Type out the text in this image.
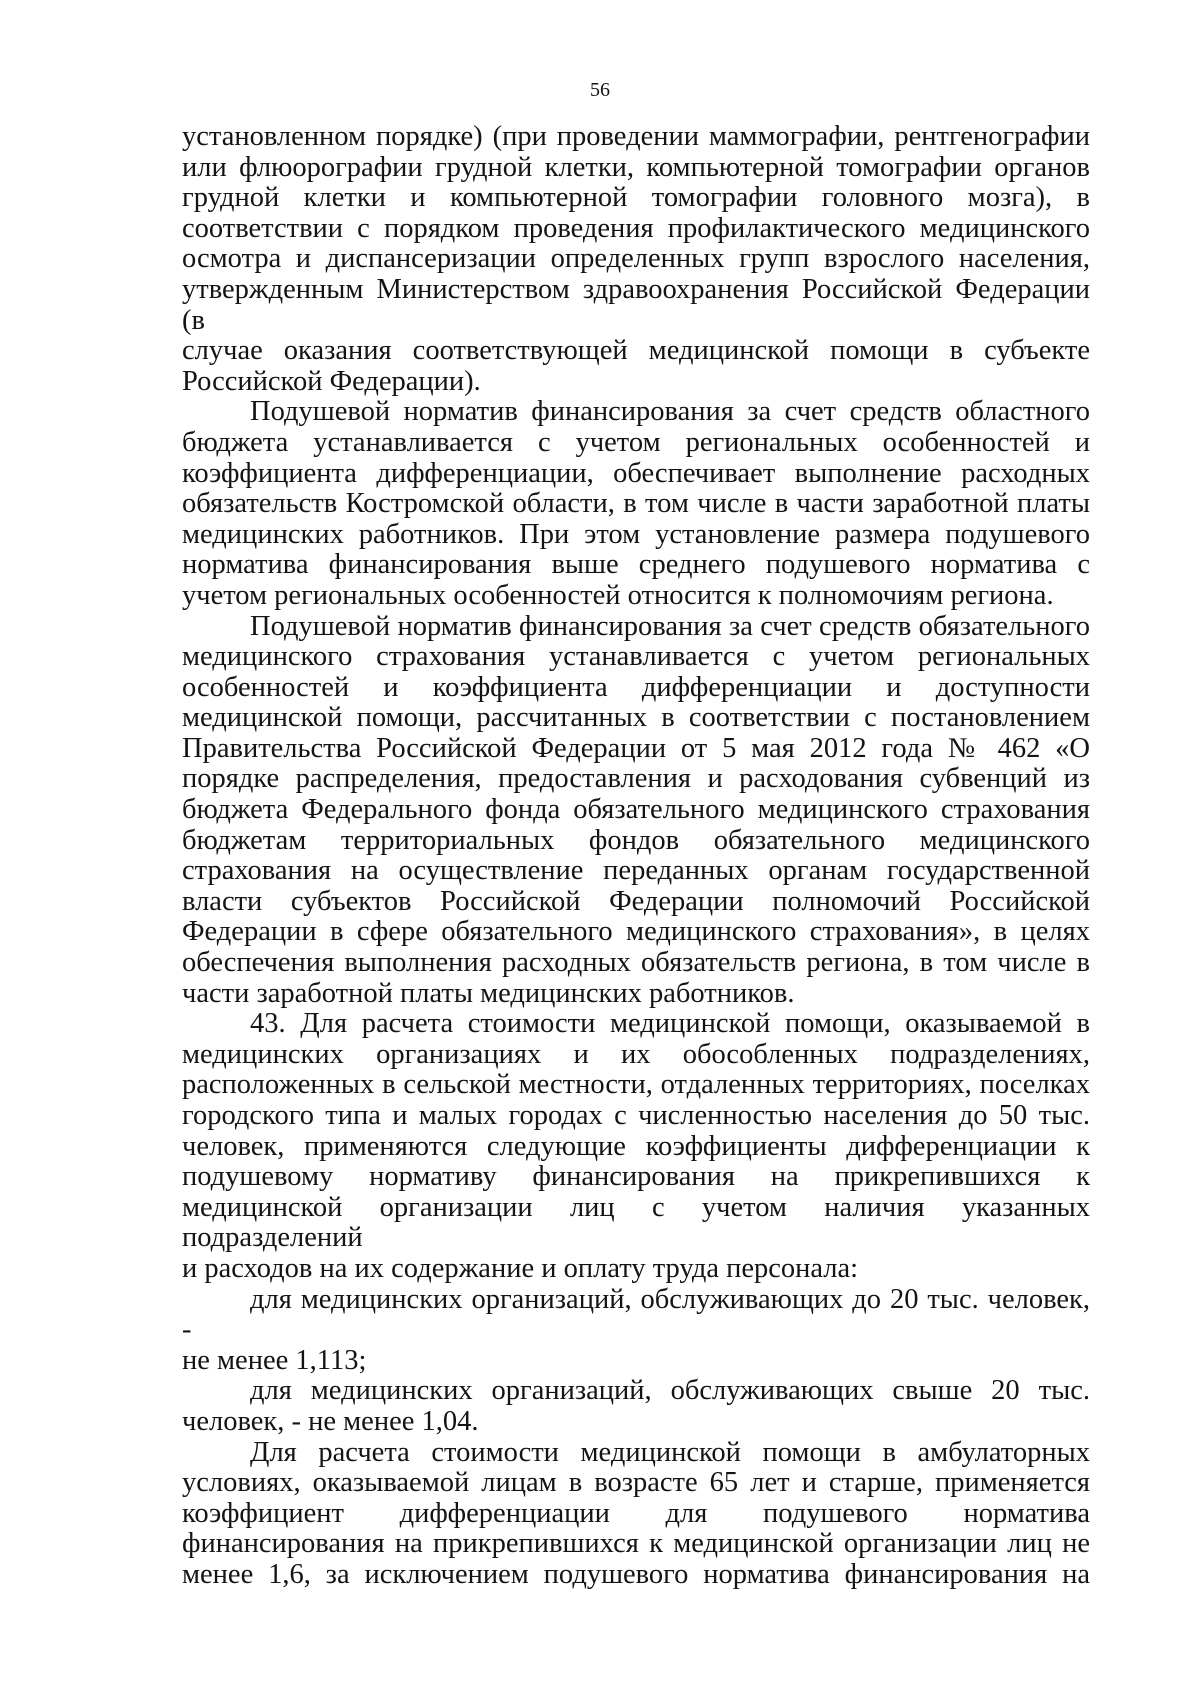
56

установленном порядке) (при проведении маммографии, рентгенографии
или флюорографии грудной клетки, компьютерной томографии органов
грудной клетки и компьютерной томографии головного мозга), в
соответствии с порядком проведения профилактического медицинского
осмотра и диспансеризации определенных групп взрослого населения,
утвержденным Министерством здравоохранения Российской Федерации (в
случае оказания соответствующей медицинской помощи в субъекте
Российской Федерации).

Подушевой норматив финансирования за счет средств областного
бюджета устанавливается с учетом региональных особенностей и
коэффициента дифференциации, обеспечивает выполнение расходных
обязательств Костромской области, в том числе в части заработной платы
медицинских работников. При этом установление размера подушевого
норматива финансирования выше среднего подушевого норматива с
учетом региональных особенностей относится к полномочиям региона.

Подушевой норматив финансирования за счет средств обязательного
медицинского страхования устанавливается с учетом региональных
особенностей и коэффициента дифференциации и доступности
медицинской помощи, рассчитанных в соответствии с постановлением
Правительства Российской Федерации от 5 мая 2012 года № 462 «О
порядке распределения, предоставления и расходования субвенций из
бюджета Федерального фонда обязательного медицинского страхования
бюджетам территориальных фондов обязательного медицинского
страхования на осуществление переданных органам государственной
власти субъектов Российской Федерации полномочий Российской
Федерации в сфере обязательного медицинского страхования», в целях
обеспечения выполнения расходных обязательств региона, в том числе в
части заработной платы медицинских работников.

43. Для расчета стоимости медицинской помощи, оказываемой в
медицинских организациях и их обособленных подразделениях,
расположенных в сельской местности, отдаленных территориях, поселках
городского типа и малых городах с численностью населения до 50 тыс.
человек, применяются следующие коэффициенты дифференциации к
подушевому нормативу финансирования на прикрепившихся к
медицинской организации лиц с учетом наличия указанных подразделений
и расходов на их содержание и оплату труда персонала:

для медицинских организаций, обслуживающих до 20 тыс. человек, -
не менее 1,113;

для медицинских организаций, обслуживающих свыше 20 тыс.
человек, - не менее 1,04.

Для расчета стоимости медицинской помощи в амбулаторных
условиях, оказываемой лицам в возрасте 65 лет и старше, применяется
коэффициент дифференциации для подушевого норматива
финансирования на прикрепившихся к медицинской организации лиц не
менее 1,6, за исключением подушевого норматива финансирования на
